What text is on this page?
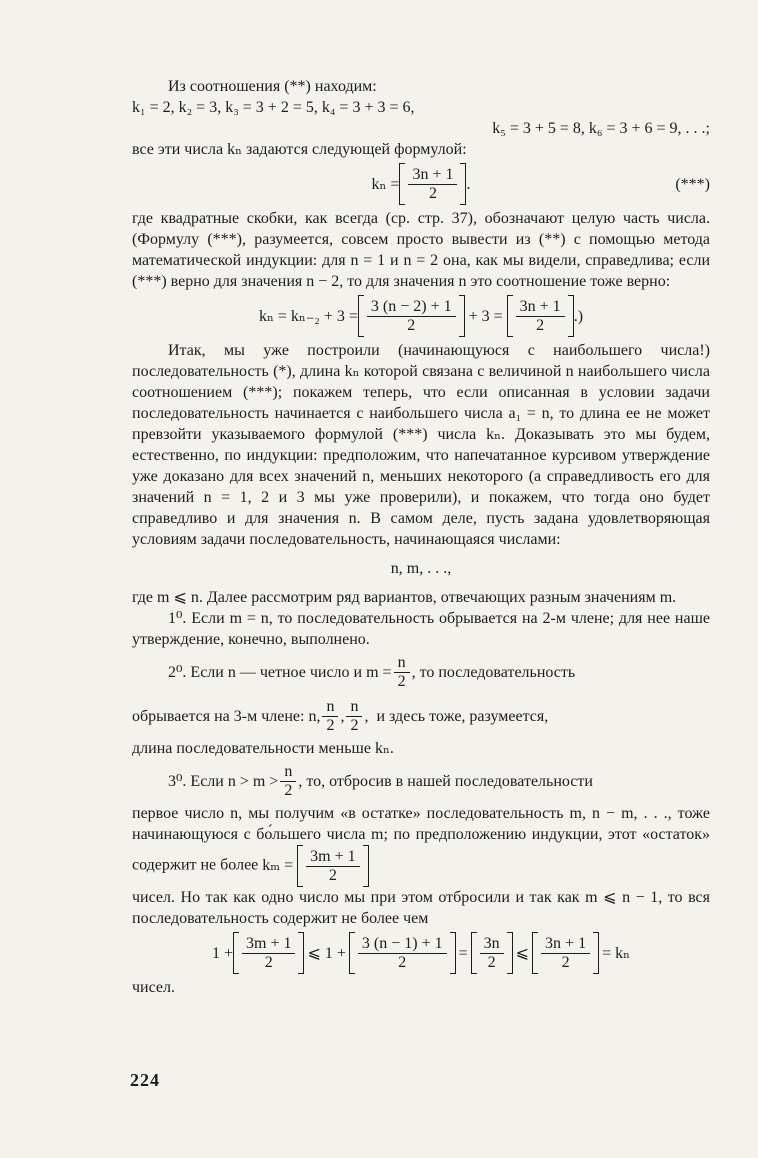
Из соотношения (**) находим:

k₁ = 2, k₂ = 3, k₃ = 3 + 2 = 5, k₄ = 3 + 3 = 6,

k₅ = 3 + 5 = 8, k₆ = 3 + 6 = 9, . . .;

все эти числа kₙ задаются следующей формулой:

$k_n = \frac{3n + 1}{2}$ .	(***)

где квадратные скобки, как всегда (ср. стр. 37), обозначают целую часть числа. (Формулу (***), разумеется, совсем просто вывести из (**) с помощью метода математической индукции: для n = 1 и n = 2 она, как мы видели, справедлива; если (***) верно для значения n − 2, то для значения n это соотношение тоже верно:

$k_n = k_{n-2} + 3 = \frac{3 (n - 2) + 1}{2} + 3 = \frac{3n + 1}{2}$ .)

Итак, мы уже построили (начинающуюся с наибольшего числа!) последовательность (*), длина kₙ которой связана с величиной n наибольшего числа соотношением (***); покажем теперь, что если описанная в условии задачи последовательность начинается с наибольшего числа a₁ = n, то длина ее не может превзойти указываемого формулой (***) числа kₙ. Доказывать это мы будем, естественно, по индукции: предположим, что напечатанное курсивом утверждение уже доказано для всех значений n, меньших некоторого (а справедливость его для значений n = 1, 2 и 3 мы уже проверили), и покажем, что тогда оно будет справедливо и для значения n. В самом деле, пусть задана удовлетворяющая условиям задачи последовательность, начинающаяся числами:

n, m, . . .,

где m ⩽ n. Далее рассмотрим ряд вариантов, отвечающих разным значениям m.

1⁰. Если m = n, то последовательность обрывается на 2-м члене; для нее наше утверждение, конечно, выполнено.

2⁰. Если n — четное число и $m = \frac{n}{2}$ , то последовательность
обрывается на 3-м члене: n, $\frac{n}{2}$ , $\frac{n}{2}$ , и здесь тоже, разумеется,

длина последовательности меньше kₙ.

3⁰. Если $n > m > \frac{n}{2}$ , то, отбросив в нашей последовательности

первое число n, мы получим «в остатке» последовательность m, n − m, . . ., тоже начинающуюся с бо́льшего числа m; по предположению индукции, этот «остаток» содержит не более $k_m = \frac{3m + 1}{2}$

чисел. Но так как одно число мы при этом отбросили и так как m ⩽ n − 1, то вся последовательность содержит не более чем

$1 + \frac{3m + 1}{2}$ ⩽ $1 + \frac{3 (n - 1) + 1}{2} = \frac{3n}{2}$ ⩽ $\frac{3n + 1}{2} = k_n$

чисел.

224
